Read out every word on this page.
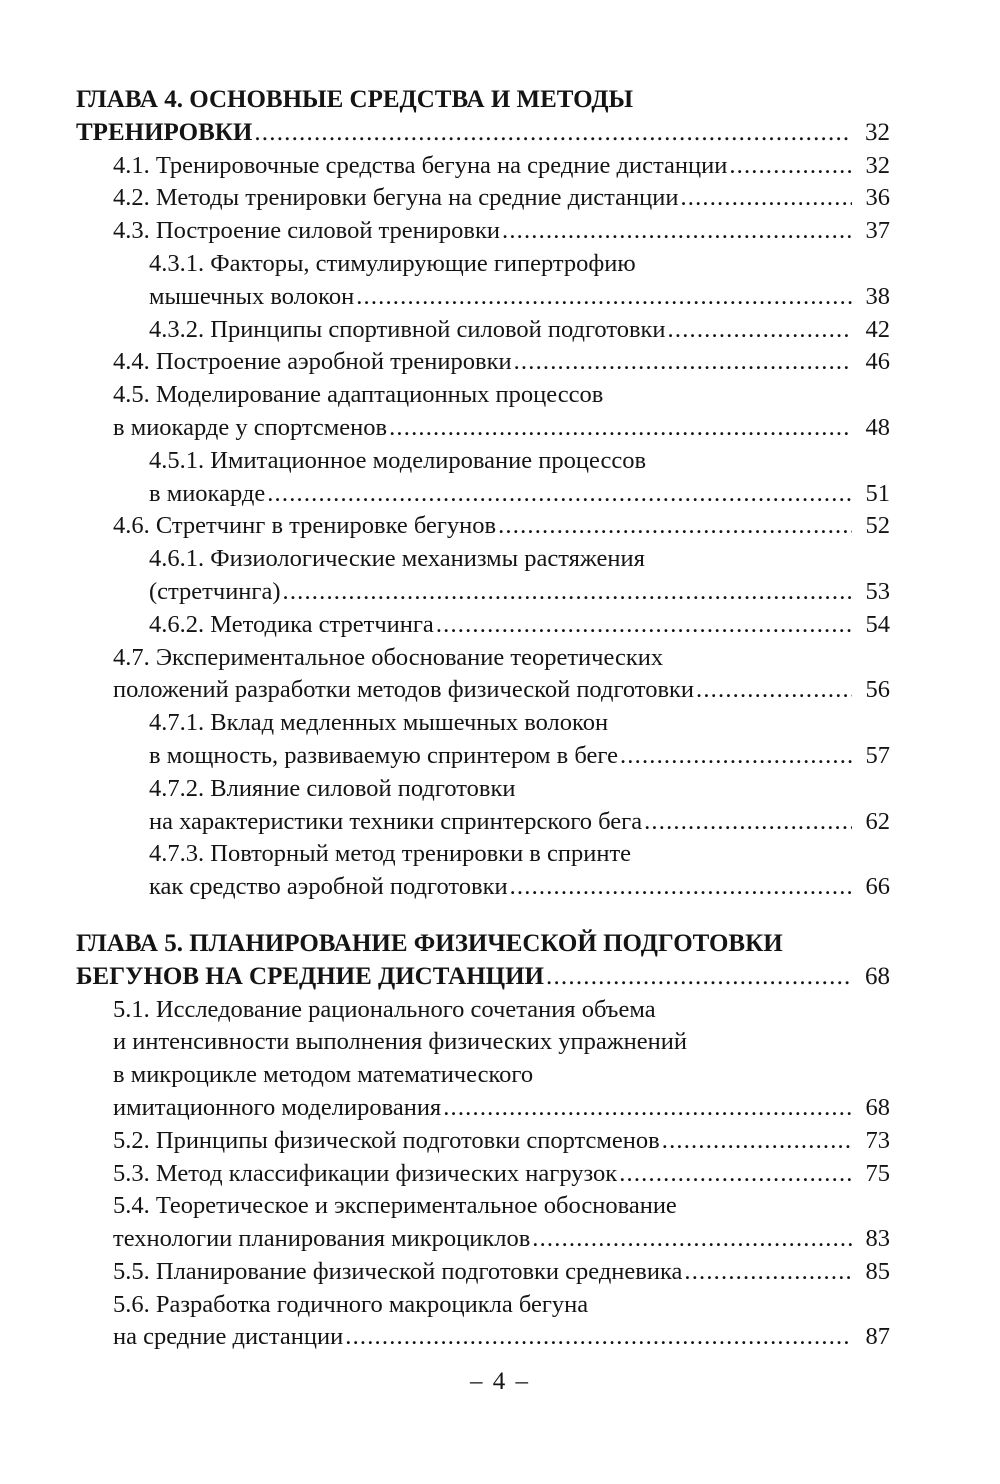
ГЛАВА 4. ОСНОВНЫЕ СРЕДСТВА И МЕТОДЫ
ТРЕНИРОВКИ .....	32
4.1. Тренировочные средства бегуна на средние дистанции .....	32
4.2. Методы тренировки бегуна на средние дистанции .....	36
4.3. Построение силовой тренировки .....	37
4.3.1. Факторы, стимулирующие гипертрофию
мышечных волокон .....	38
4.3.2. Принципы спортивной силовой подготовки .....	42
4.4. Построение аэробной тренировки .....	46
4.5. Моделирование адаптационных процессов
в миокарде у спортсменов .....	48
4.5.1. Имитационное моделирование процессов
в миокарде .....	51
4.6. Стретчинг в тренировке бегунов .....	52
4.6.1. Физиологические механизмы растяжения
(стретчинга) .....	53
4.6.2. Методика стретчинга .....	54
4.7. Экспериментальное обоснование теоретических
положений разработки методов физической подготовки .....	56
4.7.1. Вклад медленных мышечных волокон
в мощность, развиваемую спринтером в беге .....	57
4.7.2. Влияние силовой подготовки
на характеристики техники спринтерского бега .....	62
4.7.3. Повторный метод тренировки в спринте
как средство аэробной подготовки .....	66
ГЛАВА 5. ПЛАНИРОВАНИЕ ФИЗИЧЕСКОЙ ПОДГОТОВКИ
БЕГУНОВ НА СРЕДНИЕ ДИСТАНЦИИ .....	68
5.1. Исследование рационального сочетания объема
и интенсивности выполнения физических упражнений
в микроцикле методом математического
имитационного моделирования .....	68
5.2. Принципы физической подготовки спортсменов .....	73
5.3. Метод классификации физических нагрузок .....	75
5.4. Теоретическое и экспериментальное обоснование
технологии планирования микроциклов .....	83
5.5. Планирование физической подготовки средневика .....	85
5.6. Разработка годичного макроцикла бегуна
на средние дистанции .....	87
– 4 –
